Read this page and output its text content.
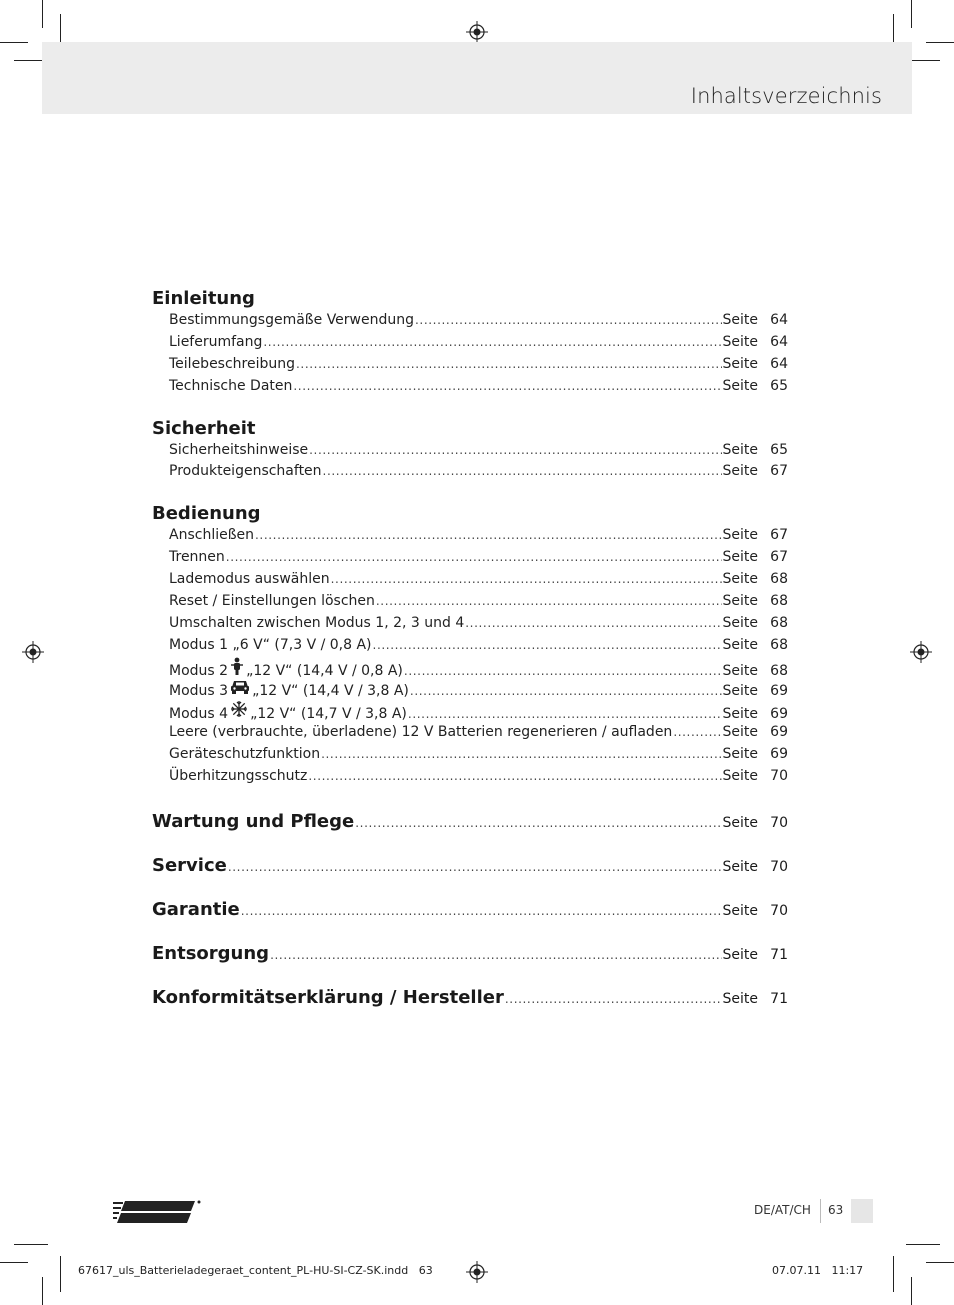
Inhaltsverzeichnis
Einleitung
Bestimmungsgemäße Verwendung .....	Seite 64
Lieferumfang .....	Seite 64
Teilebeschreibung .....	Seite 64
Technische Daten .....	Seite 65
Sicherheit
Sicherheitshinweise .....	Seite 65
Produkteigenschaften .....	Seite 67
Bedienung
Anschließen .....	Seite 67
Trennen .....	Seite 67
Lademodus auswählen .....	Seite 68
Reset / Einstellungen löschen .....	Seite 68
Umschalten zwischen Modus 1, 2, 3 und 4 .....	Seite 68
Modus 1 „6 V“ (7,3 V / 0,8 A) .....	Seite 68
Modus 2 „12 V“ (14,4 V / 0,8 A) .....	Seite 68
Modus 3 „12 V“ (14,4 V / 3,8 A) .....	Seite 69
Modus 4 „12 V“ (14,7 V / 3,8 A) .....	Seite 69
Leere (verbrauchte, überladene) 12 V Batterien regenerieren / aufladen .....	Seite 69
Geräteschutzfunktion .....	Seite 69
Überhitzungsschutz .....	Seite 70
Wartung und Pflege .....	Seite 70
Service .....	Seite 70
Garantie .....	Seite 70
Entsorgung .....	Seite 71
Konformitätserklärung / Hersteller .....	Seite 71
DE/AT/CH 63
67617_uls_Batterieladegeraet_content_PL-HU-SI-CZ-SK.indd   63	07.07.11   11:17
